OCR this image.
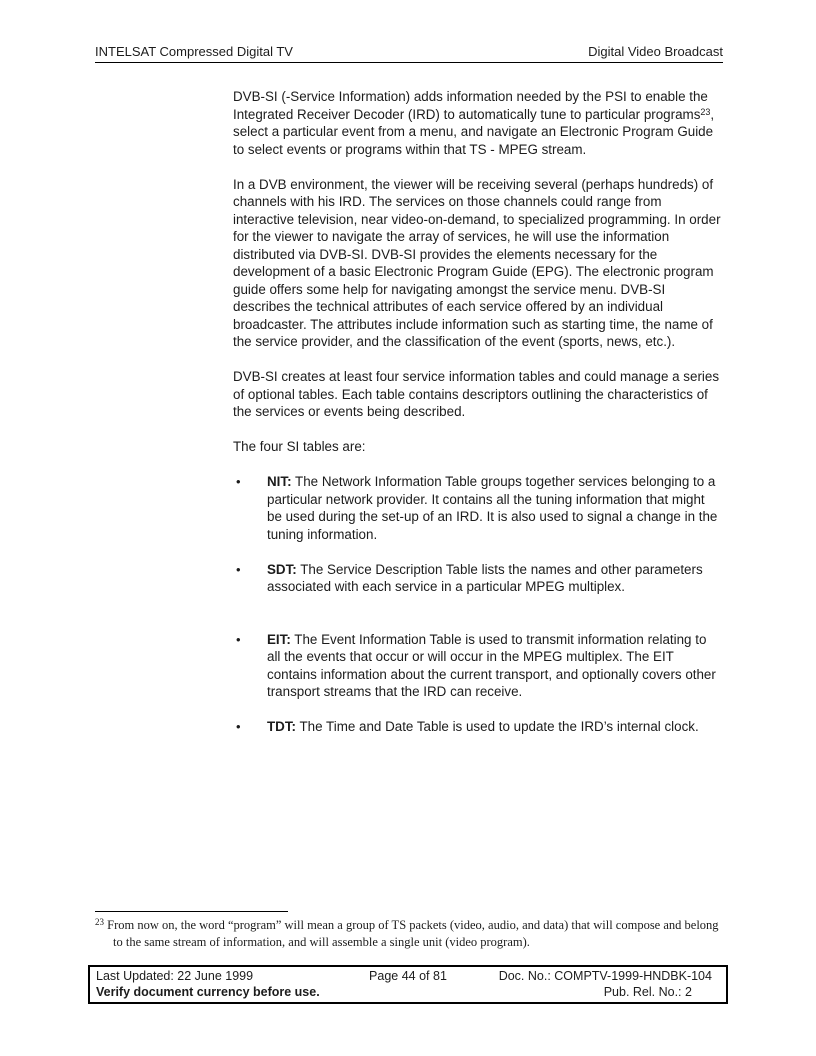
INTELSAT Compressed Digital TV	Digital Video Broadcast

DVB-SI (-Service Information) adds information needed by the PSI to enable the Integrated Receiver Decoder (IRD) to automatically tune to particular programs$^{23}$, select a particular event from a menu, and navigate an Electronic Program Guide to select events or programs within that TS - MPEG stream.

In a DVB environment, the viewer will be receiving several (perhaps hundreds) of channels with his IRD. The services on those channels could range from interactive television, near video-on-demand, to specialized programming. In order for the viewer to navigate the array of services, he will use the information distributed via DVB-SI. DVB-SI provides the elements necessary for the development of a basic Electronic Program Guide (EPG). The electronic program guide offers some help for navigating amongst the service menu. DVB-SI describes the technical attributes of each service offered by an individual broadcaster. The attributes include information such as starting time, the name of the service provider, and the classification of the event (sports, news, etc.).

DVB-SI creates at least four service information tables and could manage a series of optional tables. Each table contains descriptors outlining the characteristics of the services or events being described.

The four SI tables are:

• NIT: The Network Information Table groups together services belonging to a particular network provider. It contains all the tuning information that might be used during the set-up of an IRD. It is also used to signal a change in the tuning information.
• SDT: The Service Description Table lists the names and other parameters associated with each service in a particular MPEG multiplex.
• EIT: The Event Information Table is used to transmit information relating to all the events that occur or will occur in the MPEG multiplex. The EIT contains information about the current transport, and optionally covers other transport streams that the IRD can receive.
• TDT: The Time and Date Table is used to update the IRD’s internal clock.
$^{23}$ From now on, the word “program” will mean a group of TS packets (video, audio, and data) that will compose and belong to the same stream of information, and will assemble a single unit (video program).
Last Updated: 22 June 1999	Page 44 of 81	Doc. No.: COMPTV-1999-HNDBK-104
Verify document currency before use.	Pub. Rel. No.: 2
